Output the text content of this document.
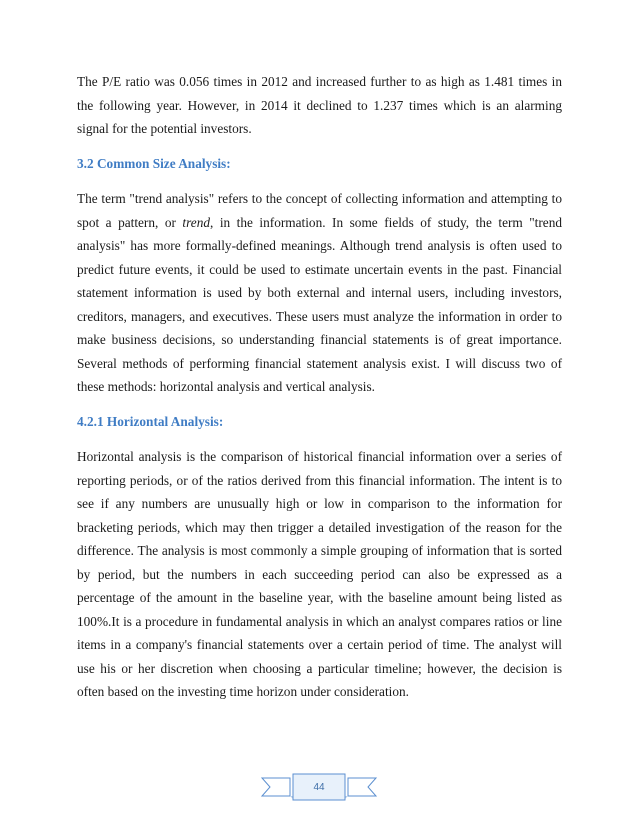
The P/E ratio was 0.056 times in 2012 and increased further to as high as 1.481 times in the following year. However, in 2014 it declined to 1.237 times which is an alarming signal for the potential investors.

3.2 Common Size Analysis:

The term "trend analysis" refers to the concept of collecting information and attempting to spot a pattern, or trend, in the information. In some fields of study, the term "trend analysis" has more formally-defined meanings. Although trend analysis is often used to predict future events, it could be used to estimate uncertain events in the past. Financial statement information is used by both external and internal users, including investors, creditors, managers, and executives. These users must analyze the information in order to make business decisions, so understanding financial statements is of great importance. Several methods of performing financial statement analysis exist. I will discuss two of these methods: horizontal analysis and vertical analysis.

4.2.1 Horizontal Analysis:

Horizontal analysis is the comparison of historical financial information over a series of reporting periods, or of the ratios derived from this financial information. The intent is to see if any numbers are unusually high or low in comparison to the information for bracketing periods, which may then trigger a detailed investigation of the reason for the difference. The analysis is most commonly a simple grouping of information that is sorted by period, but the numbers in each succeeding period can also be expressed as a percentage of the amount in the baseline year, with the baseline amount being listed as 100%.It is a procedure in fundamental analysis in which an analyst compares ratios or line items in a company's financial statements over a certain period of time. The analyst will use his or her discretion when choosing a particular timeline; however, the decision is often based on the investing time horizon under consideration.

44
